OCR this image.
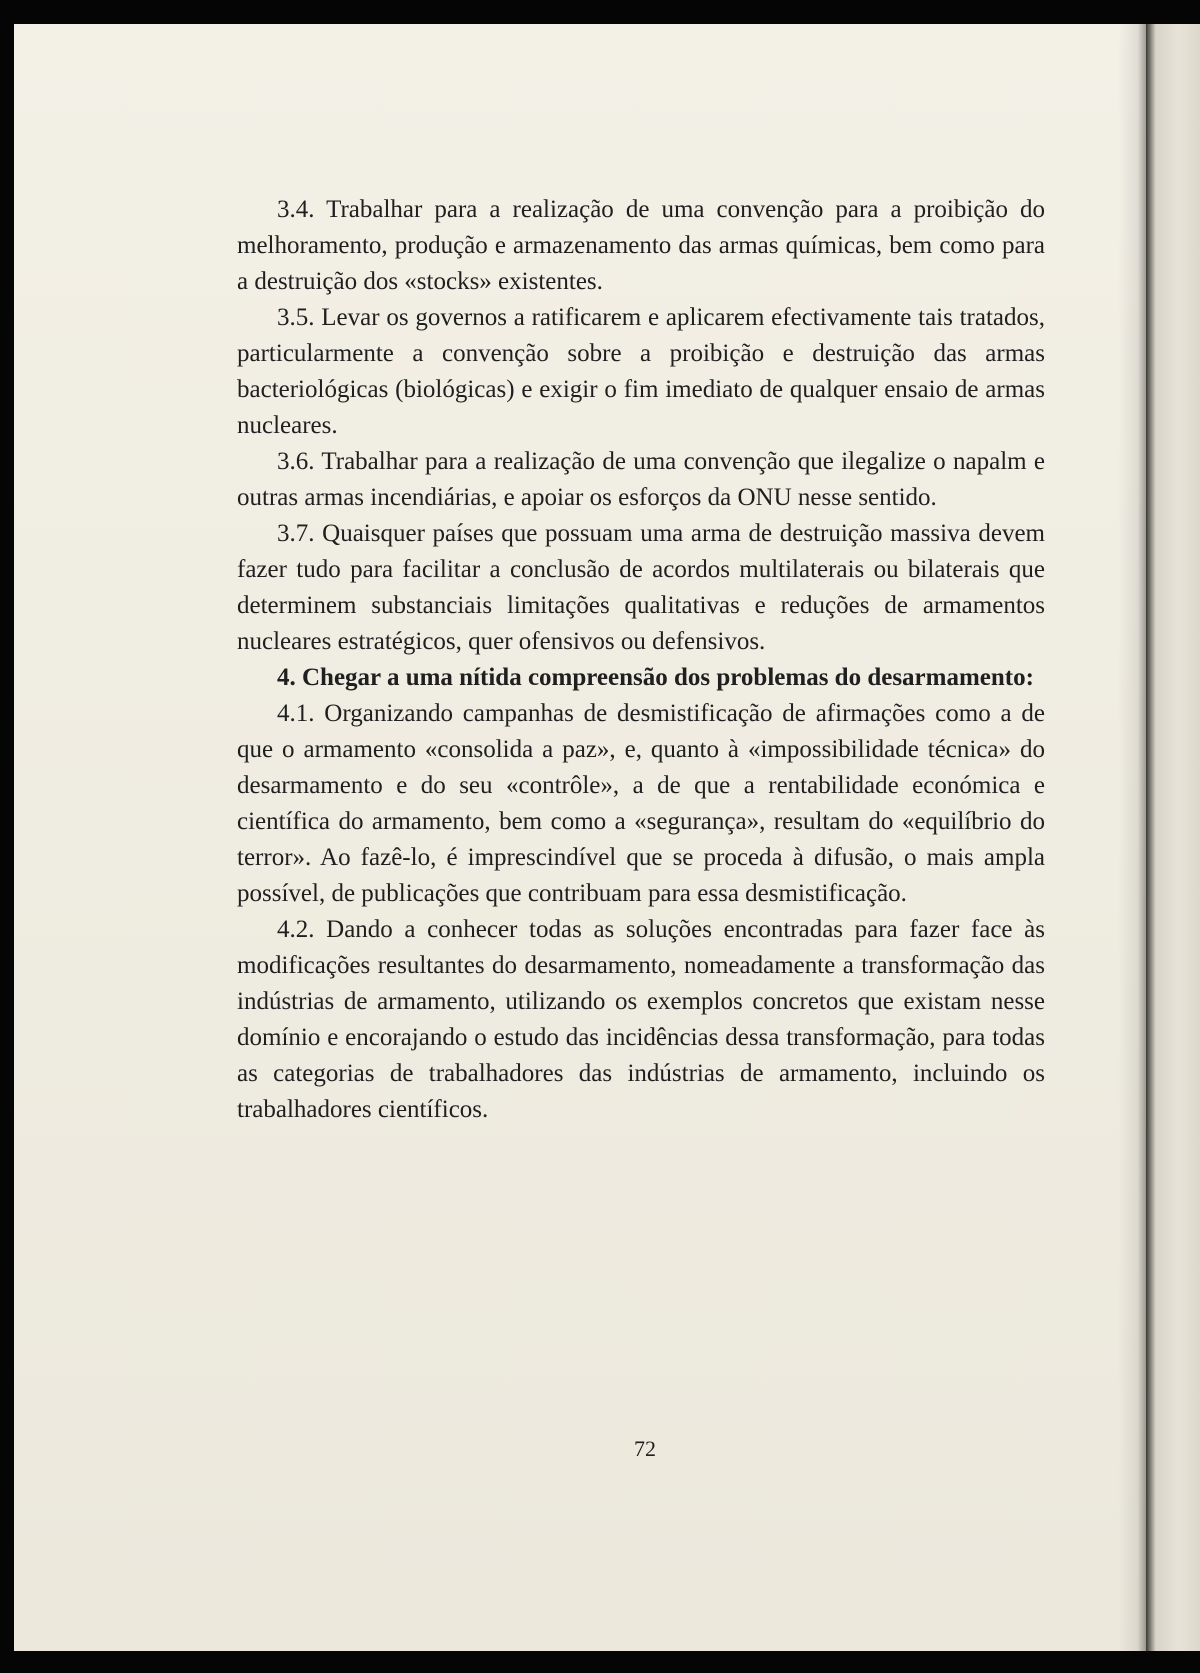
3.4. Trabalhar para a realização de uma convenção para a proibição do melhoramento, produção e armazenamento das armas químicas, bem como para a destruição dos «stocks» existentes.

3.5. Levar os governos a ratificarem e aplicarem efectivamente tais tratados, particularmente a convenção sobre a proibição e destruição das armas bacteriológicas (biológicas) e exigir o fim imediato de qualquer ensaio de armas nucleares.

3.6. Trabalhar para a realização de uma convenção que ilegalize o napalm e outras armas incendiárias, e apoiar os esforços da ONU nesse sentido.

3.7. Quaisquer países que possuam uma arma de destruição massiva devem fazer tudo para facilitar a conclusão de acordos multilaterais ou bilaterais que determinem substanciais limitações qualitativas e reduções de armamentos nucleares estratégicos, quer ofensivos ou defensivos.

4. Chegar a uma nítida compreensão dos problemas do desarmamento:

4.1. Organizando campanhas de desmistificação de afirmações como a de que o armamento «consolida a paz», e, quanto à «impossibilidade técnica» do desarmamento e do seu «contrôle», a de que a rentabilidade económica e científica do armamento, bem como a «segurança», resultam do «equilíbrio do terror». Ao fazê-lo, é imprescindível que se proceda à difusão, o mais ampla possível, de publicações que contribuam para essa desmistificação.

4.2. Dando a conhecer todas as soluções encontradas para fazer face às modificações resultantes do desarmamento, nomeadamente a transformação das indústrias de armamento, utilizando os exemplos concretos que existam nesse domínio e encorajando o estudo das incidências dessa transformação, para todas as categorias de trabalhadores das indústrias de armamento, incluindo os trabalhadores científicos.

72
